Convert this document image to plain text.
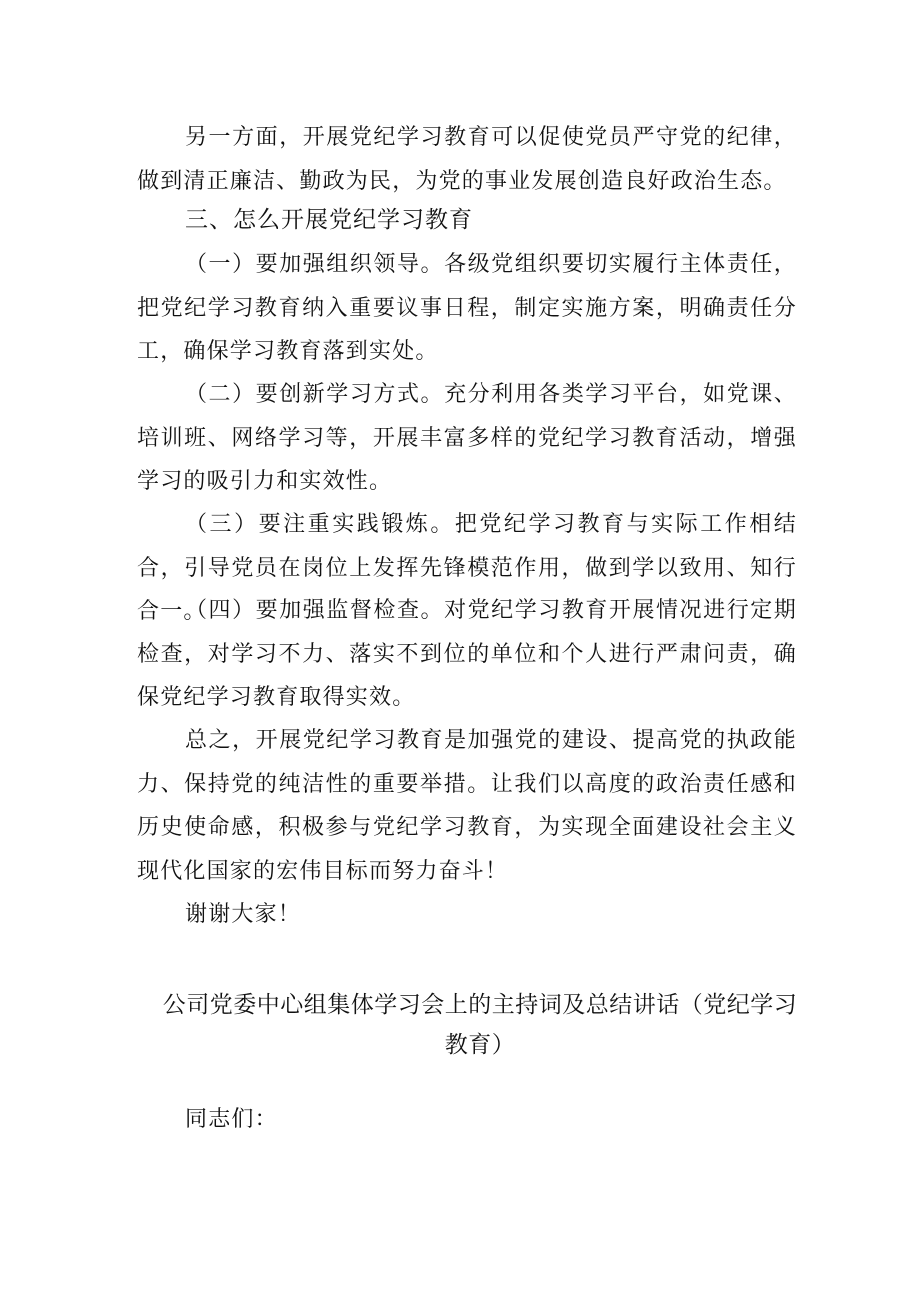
另一方面，开展党纪学习教育可以促使党员严守党的纪律，做到清正廉洁、勤政为民，为党的事业发展创造良好政治生态。

三、怎么开展党纪学习教育

（一）要加强组织领导。各级党组织要切实履行主体责任，把党纪学习教育纳入重要议事日程，制定实施方案，明确责任分工，确保学习教育落到实处。

（二）要创新学习方式。充分利用各类学习平台，如党课、培训班、网络学习等，开展丰富多样的党纪学习教育活动，增强学习的吸引力和实效性。

（三）要注重实践锻炼。把党纪学习教育与实际工作相结合，引导党员在岗位上发挥先锋模范作用，做到学以致用、知行合一。

（四）要加强监督检查。对党纪学习教育开展情况进行定期检查，对学习不力、落实不到位的单位和个人进行严肃问责，确保党纪学习教育取得实效。

总之，开展党纪学习教育是加强党的建设、提高党的执政能力、保持党的纯洁性的重要举措。让我们以高度的政治责任感和历史使命感，积极参与党纪学习教育，为实现全面建设社会主义现代化国家的宏伟目标而努力奋斗！

谢谢大家！

公司党委中心组集体学习会上的主持词及总结讲话（党纪学习教育）

同志们：
